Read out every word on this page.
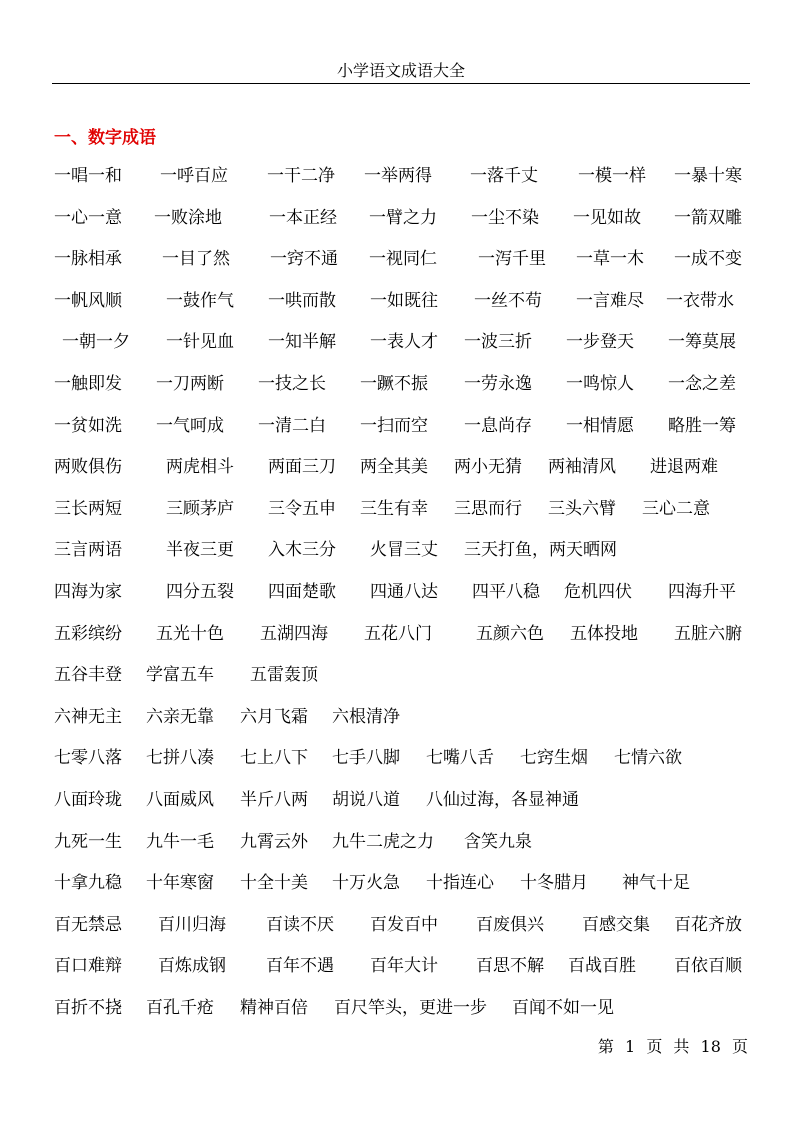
小学语文成语大全
一、数字成语
一唱一和 一呼百应 一干二净 一举两得 一落千丈 一模一样 一暴十寒
一心一意 一败涂地	一本正经 一臂之力 一尘不染 一见如故 一箭双雕
一脉相承 一目了然 一窍不通 一视同仁 一泻千里 一草一木 一成不变
一帆风顺	一鼓作气 一哄而散 一如既往 一丝不苟 一言难尽 一衣带水
一朝一夕 一针见血 一知半解 一表人才 一波三折 一步登天 一筹莫展
一触即发 一刀两断 一技之长 一蹶不振 一劳永逸 一鸣惊人 一念之差
一贫如洗 一气呵成 一清二白 一扫而空 一息尚存 一相情愿 略胜一筹
两败俱伤	两虎相斗 两面三刀 两全其美 两小无猜 两袖清风 进退两难
三长两短	三顾茅庐 三令五申 三生有幸 三思而行 三头六臂 三心二意
三言两语	半夜三更 入木三分 火冒三丈 三天打鱼，两天晒网
四海为家	四分五裂 四面楚歌 四通八达 四平八稳 危机四伏 四海升平
五彩缤纷 五光十色 五湖四海 五花八门	五颜六色 五体投地 五脏六腑
五谷丰登 学富五车 五雷轰顶
六神无主 六亲无靠 六月飞霜 六根清净
七零八落 七拼八凑 七上八下 七手八脚 七嘴八舌 七窍生烟 七情六欲
八面玲珑 八面威风 半斤八两 胡说八道 八仙过海，各显神通
九死一生 九牛一毛 九霄云外 九牛二虎之力 含笑九泉
十拿九稳 十年寒窗 十全十美 十万火急 十指连心 十冬腊月 神气十足
百无禁忌 百川归海 百读不厌 百发百中 百废俱兴 百感交集 百花齐放
百口难辩 百炼成钢 百年不遇 百年大计 百思不解 百战百胜 百依百顺
百折不挠 百孔千疮 精神百倍 百尺竿头，更进一步 百闻不如一见
第 1 页 共 18 页
